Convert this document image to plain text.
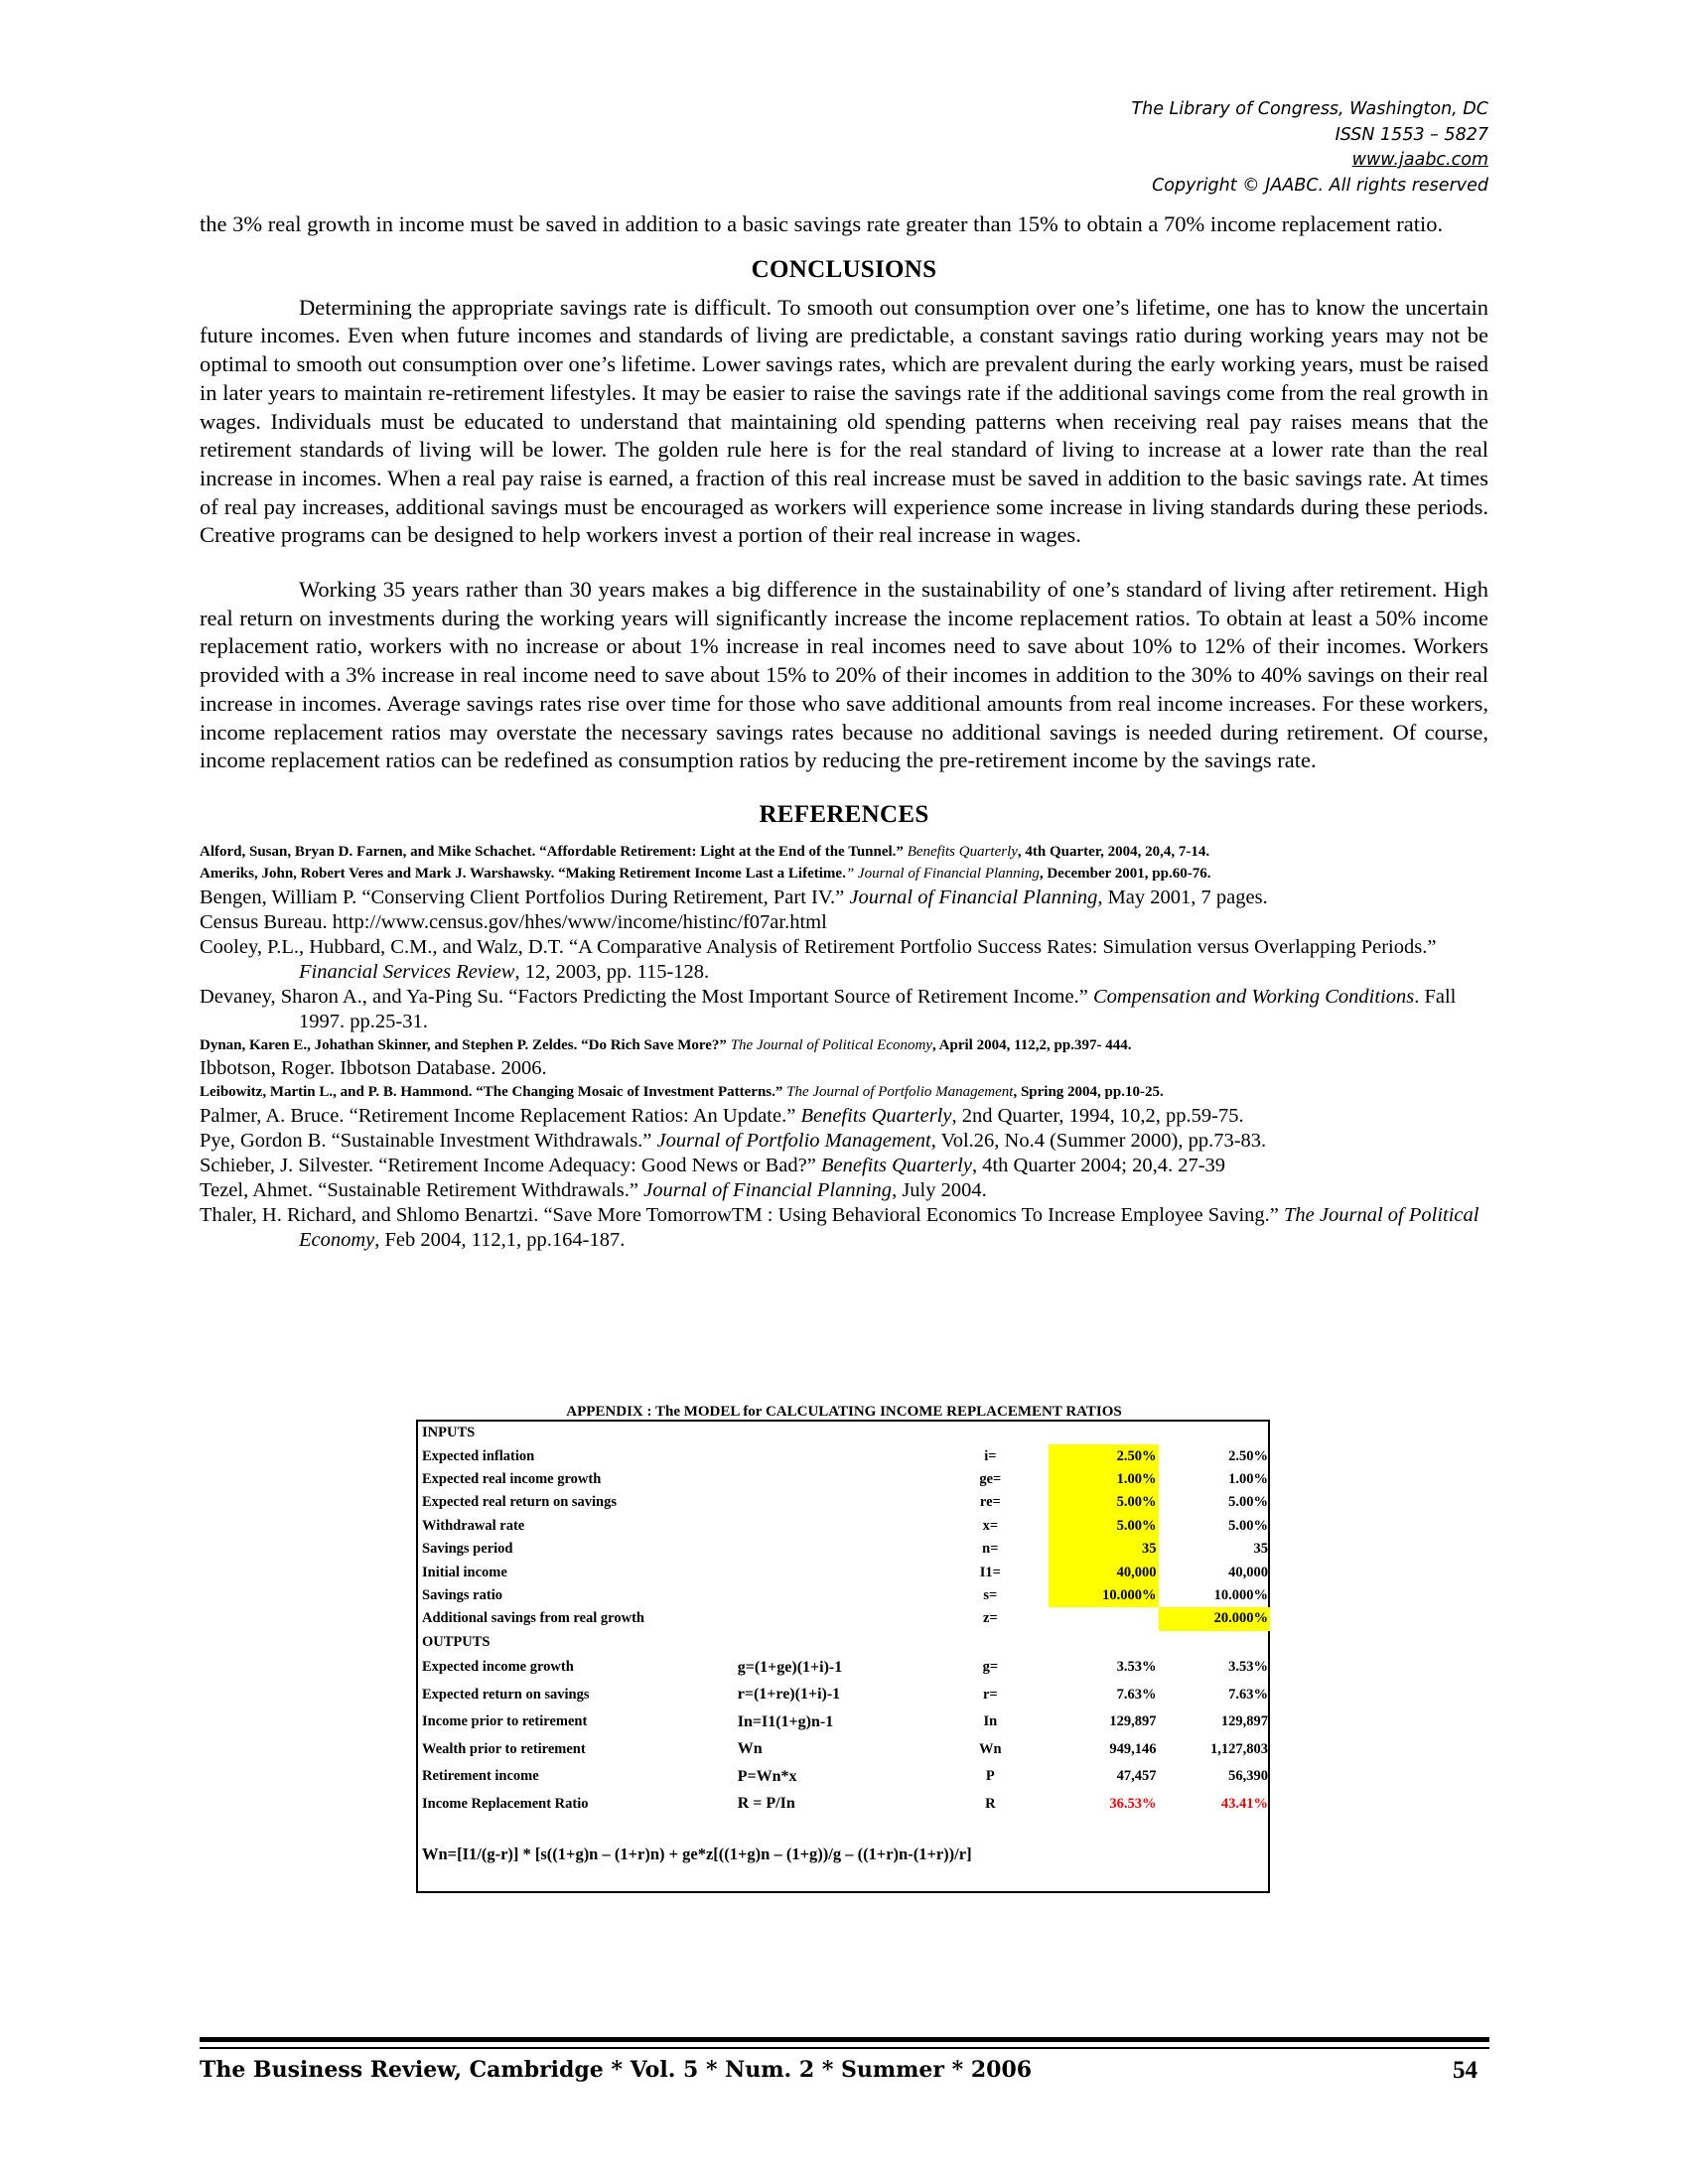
The Library of Congress, Washington, DC
ISSN 1553 – 5827
www.jaabc.com
Copyright © JAABC. All rights reserved

the 3% real growth in income must be saved in addition to a basic savings rate greater than 15% to obtain a 70% income replacement ratio.

CONCLUSIONS

Determining the appropriate savings rate is difficult. To smooth out consumption over one’s lifetime, one has to know the uncertain future incomes. Even when future incomes and standards of living are predictable, a constant savings ratio during working years may not be optimal to smooth out consumption over one’s lifetime. Lower savings rates, which are prevalent during the early working years, must be raised in later years to maintain re-retirement lifestyles. It may be easier to raise the savings rate if the additional savings come from the real growth in wages. Individuals must be educated to understand that maintaining old spending patterns when receiving real pay raises means that the retirement standards of living will be lower. The golden rule here is for the real standard of living to increase at a lower rate than the real increase in incomes. When a real pay raise is earned, a fraction of this real increase must be saved in addition to the basic savings rate. At times of real pay increases, additional savings must be encouraged as workers will experience some increase in living standards during these periods. Creative programs can be designed to help workers invest a portion of their real increase in wages.

Working 35 years rather than 30 years makes a big difference in the sustainability of one’s standard of living after retirement. High real return on investments during the working years will significantly increase the income replacement ratios. To obtain at least a 50% income replacement ratio, workers with no increase or about 1% increase in real incomes need to save about 10% to 12% of their incomes. Workers provided with a 3% increase in real income need to save about 15% to 20% of their incomes in addition to the 30% to 40% savings on their real increase in incomes. Average savings rates rise over time for those who save additional amounts from real income increases. For these workers, income replacement ratios may overstate the necessary savings rates because no additional savings is needed during retirement. Of course, income replacement ratios can be redefined as consumption ratios by reducing the pre-retirement income by the savings rate.

REFERENCES

Alford, Susan, Bryan D. Farnen, and Mike Schachet. “Affordable Retirement: Light at the End of the Tunnel.” Benefits Quarterly, 4th Quarter, 2004, 20,4, 7-14.

Ameriks, John, Robert Veres and Mark J. Warshawsky. “Making Retirement Income Last a Lifetime.” Journal of Financial Planning, December 2001, pp.60-76.

Bengen, William P. “Conserving Client Portfolios During Retirement, Part IV.” Journal of Financial Planning, May 2001, 7 pages.

Census Bureau. http://www.census.gov/hhes/www/income/histinc/f07ar.html

Cooley, P.L., Hubbard, C.M., and Walz, D.T. “A Comparative Analysis of Retirement Portfolio Success Rates: Simulation versus Overlapping Periods.” Financial Services Review, 12, 2003, pp. 115-128.

Devaney, Sharon A., and Ya-Ping Su. “Factors Predicting the Most Important Source of Retirement Income.” Compensation and Working Conditions. Fall 1997. pp.25-31.

Dynan, Karen E., Johathan Skinner, and Stephen P. Zeldes. “Do Rich Save More?” The Journal of Political Economy, April 2004, 112,2, pp.397- 444.

Ibbotson, Roger. Ibbotson Database. 2006.

Leibowitz, Martin L., and P. B. Hammond. “The Changing Mosaic of Investment Patterns.” The Journal of Portfolio Management, Spring 2004, pp.10-25.

Palmer, A. Bruce. “Retirement Income Replacement Ratios: An Update.” Benefits Quarterly, 2nd Quarter, 1994, 10,2, pp.59-75.

Pye, Gordon B. “Sustainable Investment Withdrawals.” Journal of Portfolio Management, Vol.26, No.4 (Summer 2000), pp.73-83.

Schieber, J. Silvester. “Retirement Income Adequacy: Good News or Bad?” Benefits Quarterly, 4th Quarter 2004; 20,4. 27-39

Tezel, Ahmet. “Sustainable Retirement Withdrawals.” Journal of Financial Planning, July 2004.

Thaler, H. Richard, and Shlomo Benartzi. “Save More TomorrowTM : Using Behavioral Economics To Increase Employee Saving.” The Journal of Political Economy, Feb 2004, 112,1, pp.164-187.

APPENDIX : The MODEL for CALCULATING INCOME REPLACEMENT RATIOS
INPUTS				
Expected inflation		i=	2.50%	2.50%
Expected real income growth		ge=	1.00%	1.00%
Expected real return on savings		re=	5.00%	5.00%
Withdrawal rate		x=	5.00%	5.00%
Savings period		n=	35	35
Initial income		I1=	40,000	40,000
Savings ratio		s=	10.000%	10.000%
Additional savings from real growth		z=		20.000%
OUTPUTS				
Expected income growth	g=(1+ge)(1+i)-1	g=	3.53%	3.53%
Expected return on savings	r=(1+re)(1+i)-1	r=	7.63%	7.63%
Income prior to retirement	In=I1(1+g)n-1	In	129,897	129,897
Wealth prior to retirement	Wn	Wn	949,146	1,127,803
Retirement income	P=Wn*x	P	47,457	56,390
Income Replacement Ratio	R = P/In	R	36.53%	43.41%
Wn=[I1/(g-r)] * [s((1+g)n – (1+r)n) + ge*z[((1+g)n – (1+g))/g – ((1+r)n-(1+r))/r]
The Business Review, Cambridge * Vol. 5 * Num. 2 * Summer * 2006	54
